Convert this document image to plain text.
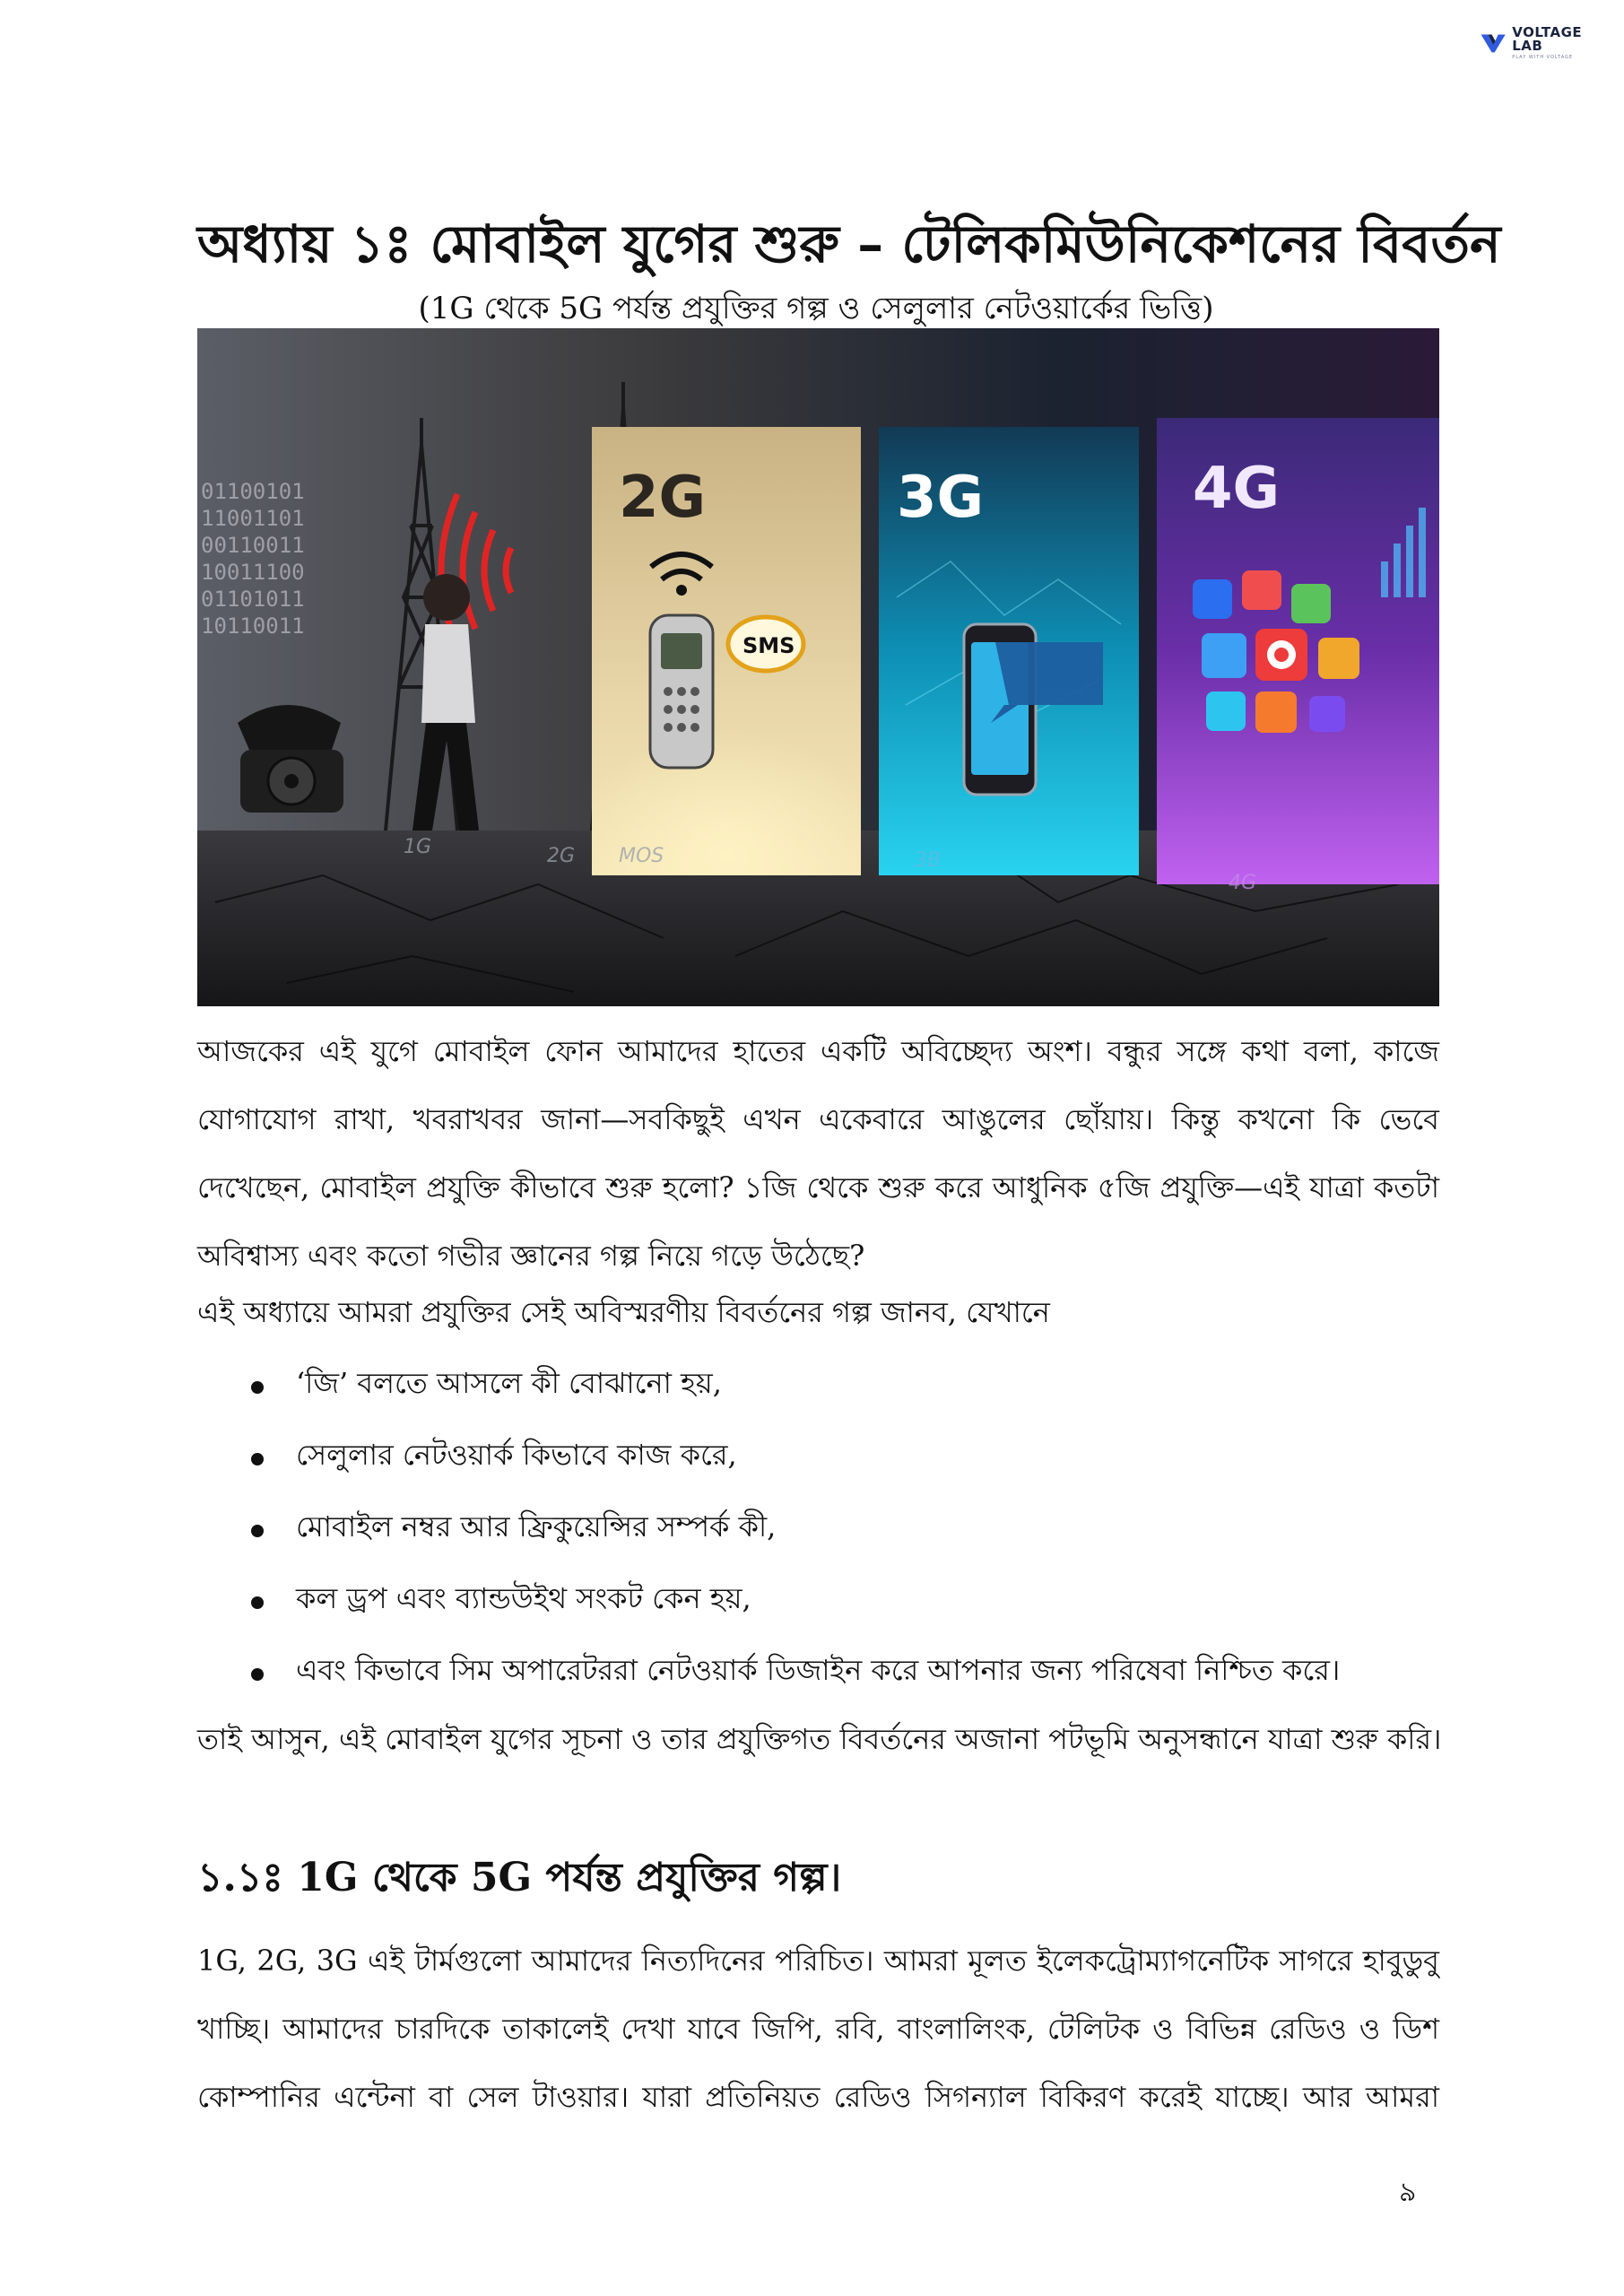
VOLTAGE LAB
PLAY WITH VOLTAGE
অধ্যায় ১ঃ মোবাইল যুগের শুরু – টেলিকমিউনিকেশনের বিবর্তন
(1G থেকে 5G পর্যন্ত প্রযুক্তির গল্প ও সেলুলার নেটওয়ার্কের ভিত্তি)
01100101
11001101
00110011
10011100
01101011
10110011
2G
SMS
3G	4G
1G	2G MOS	3B
4G
আজকের এই যুগে মোবাইল ফোন আমাদের হাতের একটি অবিচ্ছেদ্য অংশ। বন্ধুর সঙ্গে কথা বলা, কাজে
যোগাযোগ রাখা, খবরাখবর জানা—সবকিছুই এখন একেবারে আঙুলের ছোঁয়ায়। কিন্তু কখনো কি ভেবে
দেখেছেন, মোবাইল প্রযুক্তি কীভাবে শুরু হলো? ১জি থেকে শুরু করে আধুনিক ৫জি প্রযুক্তি—এই যাত্রা কতটা
অবিশ্বাস্য এবং কতো গভীর জ্ঞানের গল্প নিয়ে গড়ে উঠেছে?
এই অধ্যায়ে আমরা প্রযুক্তির সেই অবিস্মরণীয় বিবর্তনের গল্প জানব, যেখানে
‘জি’ বলতে আসলে কী বোঝানো হয়,
সেলুলার নেটওয়ার্ক কিভাবে কাজ করে,
মোবাইল নম্বর আর ফ্রিকুয়েন্সির সম্পর্ক কী,
কল ড্রপ এবং ব্যান্ডউইথ সংকট কেন হয়,
এবং কিভাবে সিম অপারেটররা নেটওয়ার্ক ডিজাইন করে আপনার জন্য পরিষেবা নিশ্চিত করে।
তাই আসুন, এই মোবাইল যুগের সূচনা ও তার প্রযুক্তিগত বিবর্তনের অজানা পটভূমি অনুসন্ধানে যাত্রা শুরু করি।
১.১ঃ 1G থেকে 5G পর্যন্ত প্রযুক্তির গল্প।
1G, 2G, 3G এই টার্মগুলো আমাদের নিত্যদিনের পরিচিত। আমরা মূলত ইলেকট্রোম্যাগনেটিক সাগরে হাবুডুবু
খাচ্ছি। আমাদের চারদিকে তাকালেই দেখা যাবে জিপি, রবি, বাংলালিংক, টেলিটক ও বিভিন্ন রেডিও ও ডিশ
কোম্পানির এন্টেনা বা সেল টাওয়ার। যারা প্রতিনিয়ত রেডিও সিগন্যাল বিকিরণ করেই যাচ্ছে। আর আমরা
৯
